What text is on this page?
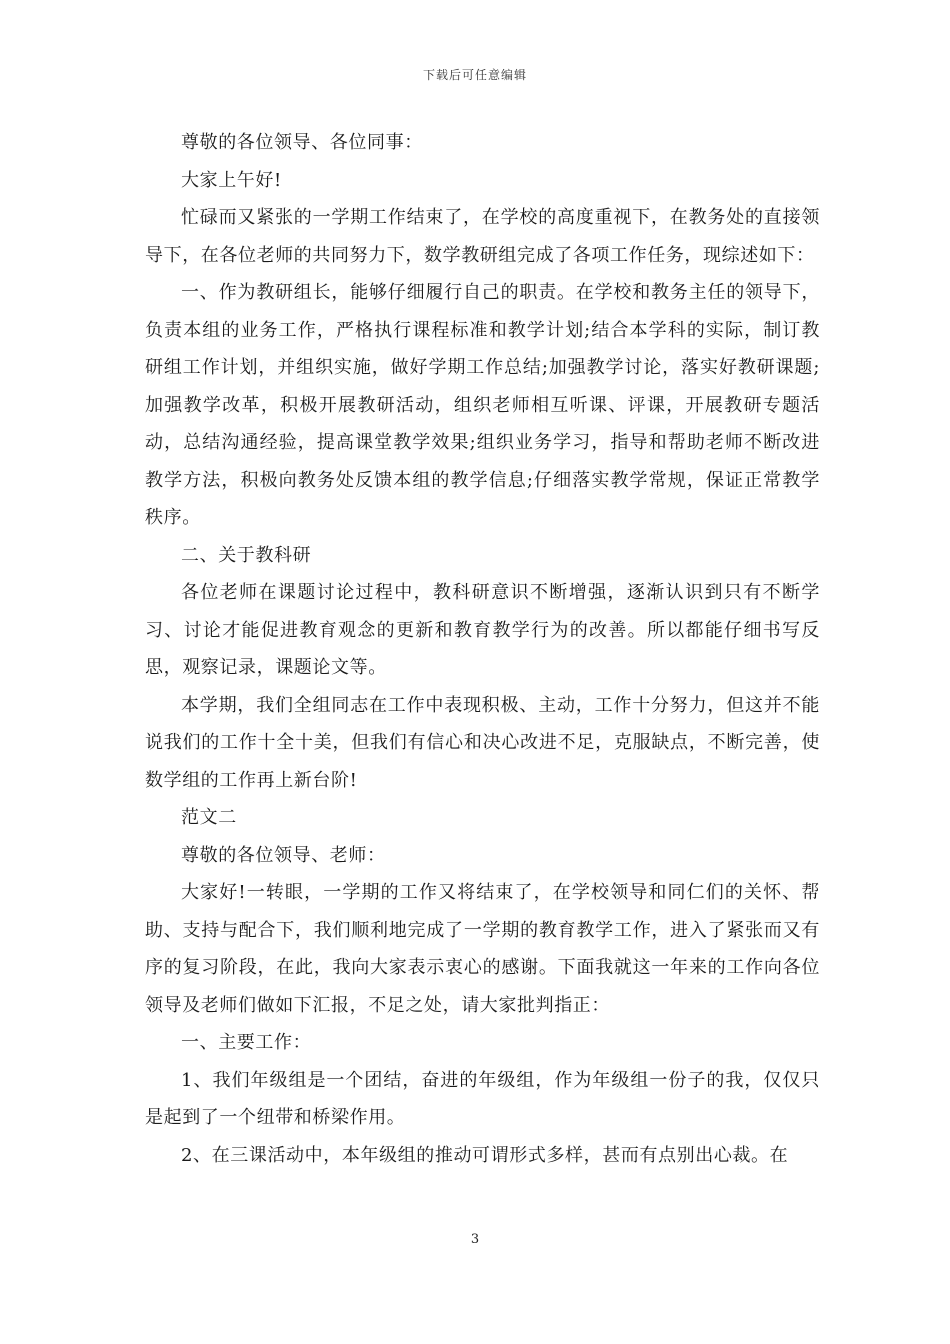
下载后可任意编辑

尊敬的各位领导、各位同事：

大家上午好!

忙碌而又紧张的一学期工作结束了，在学校的高度重视下，在教务处的直接领导下，在各位老师的共同努力下，数学教研组完成了各项工作任务，现综述如下：

一、作为教研组长，能够仔细履行自己的职责。在学校和教务主任的领导下，负责本组的业务工作，严格执行课程标准和教学计划;结合本学科的实际，制订教研组工作计划，并组织实施，做好学期工作总结;加强教学讨论，落实好教研课题;加强教学改革，积极开展教研活动，组织老师相互听课、评课，开展教研专题活动，总结沟通经验，提高课堂教学效果;组织业务学习，指导和帮助老师不断改进教学方法，积极向教务处反馈本组的教学信息;仔细落实教学常规，保证正常教学秩序。

二、关于教科研

各位老师在课题讨论过程中，教科研意识不断增强，逐渐认识到只有不断学习、讨论才能促进教育观念的更新和教育教学行为的改善。所以都能仔细书写反思，观察记录，课题论文等。

本学期，我们全组同志在工作中表现积极、主动，工作十分努力，但这并不能说我们的工作十全十美，但我们有信心和决心改进不足，克服缺点，不断完善，使数学组的工作再上新台阶!

范文二

尊敬的各位领导、老师：

大家好!一转眼，一学期的工作又将结束了，在学校领导和同仁们的关怀、帮助、支持与配合下，我们顺利地完成了一学期的教育教学工作，进入了紧张而又有序的复习阶段，在此，我向大家表示衷心的感谢。下面我就这一年来的工作向各位领导及老师们做如下汇报，不足之处，请大家批判指正：

一、主要工作：

1、我们年级组是一个团结，奋进的年级组，作为年级组一份子的我，仅仅只是起到了一个纽带和桥梁作用。

2、在三课活动中，本年级组的推动可谓形式多样，甚而有点别出心裁。在

3
